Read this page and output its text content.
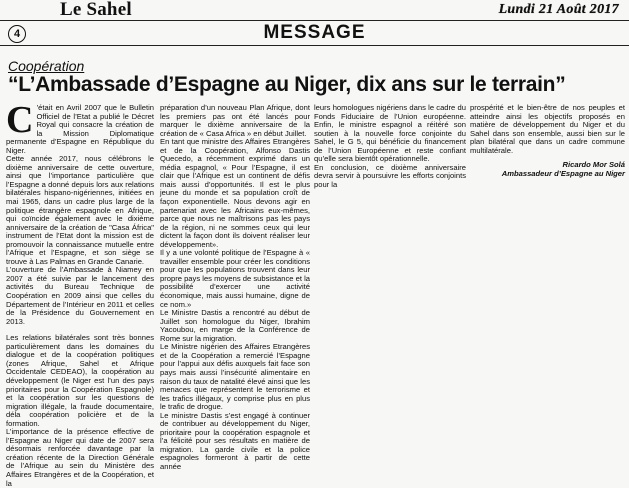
Le Sahel	Lundi 21 Août 2017
4	MESSAGE
Coopération
“L’Ambassade d’Espagne au Niger, dix ans sur le terrain”

C ’était en Avril 2007 que le Bulletin Officiel de l’Etat a publié le Décret Royal qui consacre la création de la Mission Diplomatique permanente d’Espagne en République du Niger.

Cette année 2017, nous célébrons le dixième anniversaire de cette ouverture, ainsi que l’importance particulière que l’Espagne a donné depuis lors aux relations bilatérales hispano-nigériennes, initiées en mai 1965, dans un cadre plus large de la politique étrangère espagnole en Afrique, qui coïncide également avec le dixième anniversaire de la création de "Casa África" instrument de l’Etat dont la mission est de promouvoir la connaissance mutuelle entre l’Afrique et l’Espagne, et son siège se trouve à Las Palmas en Grande Canarie.

L’ouverture de l’Ambassade à Niamey en 2007 a été suivie par le lancement des activités du Bureau Technique de Coopération en 2009 ainsi que celles du Département de l’Intérieur en 2011 et celles de la Présidence du Gouvernement en 2013.

Les relations bilatérales sont très bonnes particulièrement dans les domaines du dialogue et de la coopération politiques (zones Afrique, Sahel et Afrique Occidentale CEDEAO), la coopération au développement (le Niger est l’un des pays prioritaires pour la Coopération Espagnole) et la coopération sur les questions de migration illégale, la fraude documentaire, déla coopération policière et de la formation.

L’importance de la présence effective de l’Espagne au Niger qui date de 2007 sera désormais renforcée davantage par la création récente de la Direction Générale de l’Afrique au sein du Ministère des Affaires Etrangères et de la Coopération, et la

préparation d’un nouveau Plan Afrique, dont les premiers pas ont été lancés pour marquer le dixième anniversaire de la création de « Casa Africa » en début Juillet.

En tant que ministre des Affaires Etrangères et de la Coopération, Alfonso Dastis Quecedo, a récemment exprimé dans un média espagnol, « Pour l’Espagne, il est clair que l’Afrique est un continent de défis mais aussi d’opportunités. Il est le plus jeune du monde et sa population croît de façon exponentielle. Nous devons agir en partenariat avec les Africains eux-mêmes, parce que nous ne maîtrisons pas les pays de la région, ni ne sommes ceux qui leur dictent la façon dont ils doivent réaliser leur développement».

Il y a une volonté politique de l’Espagne à « travailler ensemble pour créer les conditions pour que les populations trouvent dans leur propre pays les moyens de subsistance et la possibilité d’exercer une activité économique, mais aussi humaine, digne de ce nom.»

Le Ministre Dastis a rencontré au début de Juillet son homologue du Niger, Ibrahim Yacoubou, en marge de la Conférence de Rome sur la migration.

Le Ministre nigérien des Affaires Etrangères et de la Coopération a remercié l’Espagne pour l’appui aux défis auxquels fait face son pays mais aussi l’insécurité alimentaire en raison du taux de natalité élevé ainsi que les menaces que représentent le terrorisme et les trafics illégaux, y comprise plus en plus le trafic de drogue.

Le ministre Dastis s’est engagé à continuer de contribuer au développement du Niger, prioritaire pour la coopération espagnole et l’a félicité pour ses résultats en matière de migration. La garde civile et la police espagnoles formeront à partir de cette année

leurs homologues nigériens dans le cadre du Fonds Fiduciaire de l’Union européenne. Enfin, le ministre espagnol a réitéré son soutien à la nouvelle force conjointe du Sahel, le G 5, qui bénéficie du financement de l’Union Européenne et reste confiant qu’elle sera bientôt opérationnelle.

En conclusion, ce dixième anniversaire devra servir à poursuivre les efforts conjoints pour la

prospérité et le bien-être de nos peuples et atteindre ainsi les objectifs proposés en matière de développement du Niger et du Sahel dans son ensemble, aussi bien sur le plan bilatéral que dans un cadre commune multilatérale.

Ricardo Mor Solá
Ambassadeur d’Espagne au Niger
